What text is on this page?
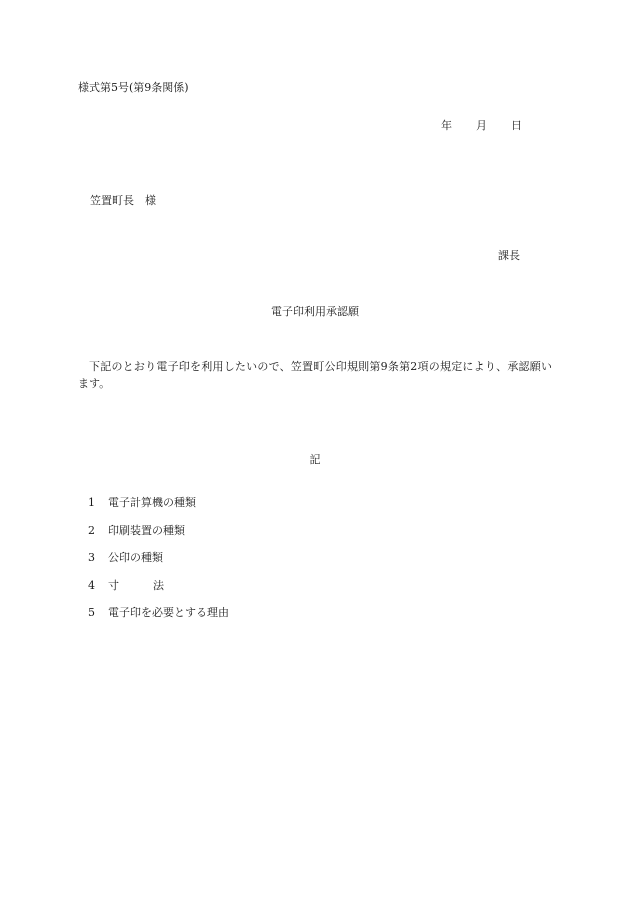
様式第5号(第9条関係)
年 月 日
笠置町長　様
課長
電子印利用承認願
下記のとおり電子印を利用したいので、笠置町公印規則第9条第2項の規定により、承認願います。
記
1 電子計算機の種類
2 印刷装置の種類
3 公印の種類
4 寸	法
5 電子印を必要とする理由
